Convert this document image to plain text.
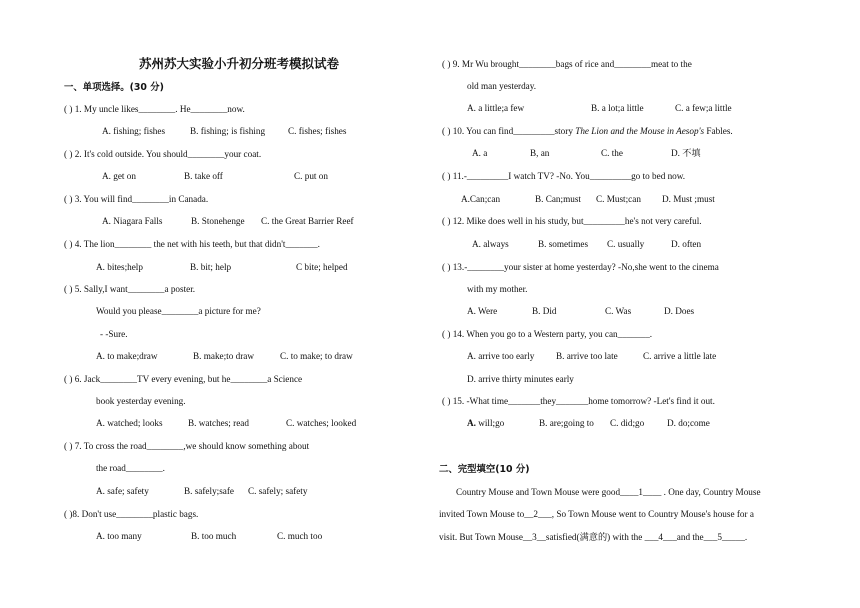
苏州苏大实验小升初分班考模拟试卷
一、单项选择。(30 分)
( ) 1. My uncle likes________. He________now.
A. fishing; fishes	B. fishing; is fishing C. fishes; fishes
( ) 2. It's cold outside. You should________your coat.
A. get on	B. take off	C. put on
( ) 3. You will find________in Canada.
A. Niagara Falls	B. Stonehenge C. the Great Barrier Reef
( ) 4. The lion________ the net with his teeth, but that didn't_______.
A. bites;help	B. bit; help	C bite; helped
( ) 5. Sally,I want________a poster.
Would you please________a picture for me?
- -Sure.
A. to make;draw	B. make;to draw	C. to make; to draw
( ) 6. Jack________TV every evening, but he________a Science
book yesterday evening.
A. watched; looks	B. watches; read	C. watches; looked
( ) 7. To cross the road________,we should know something about
the road________.
A. safe; safety	B. safely;safe C. safely; safety
( )8. Don't use________plastic bags.
A. too many	B. too much	C. much too
( ) 9. Mr Wu brought________bags of rice and________meat to the
old man yesterday.
A. a little;a few	B. a lot;a little	C. a few;a little
( ) 10. You can find_________story The Lion and the Mouse in Aesop's Fables.
A. a	B, an	C. the	D. 不填
( ) 11.-_________I watch TV? -No. You_________go to bed now.
A.Can;can	B. Can;must C. Must;can D. Must ;must
( ) 12. Mike does well in his study, but_________he's not very careful.
A. always	B. sometimes C. usually	D. often
( ) 13.-________your sister at home yesterday? -No,she went to the cinema
with my mother.
A. Were	B. Did	C. Was	D. Does
( ) 14. When you go to a Western party, you can_______.
A. arrive too early B. arrive too late	C. arrive a little late
D. arrive thirty minutes early
( ) 15. -What time_______they_______home tomorrow? -Let's find it out.
A. will;go	B. are;going to C. did;go D. do;come
二、完型填空(10 分)
Country Mouse and Town Mouse were good____1____ . One day, Country Mouse
invited Town Mouse to__2___, So Town Mouse went to Country Mouse's house for a
visit. But Town Mouse__3__satisfied(满意的) with the ___4___and the___5_____.
